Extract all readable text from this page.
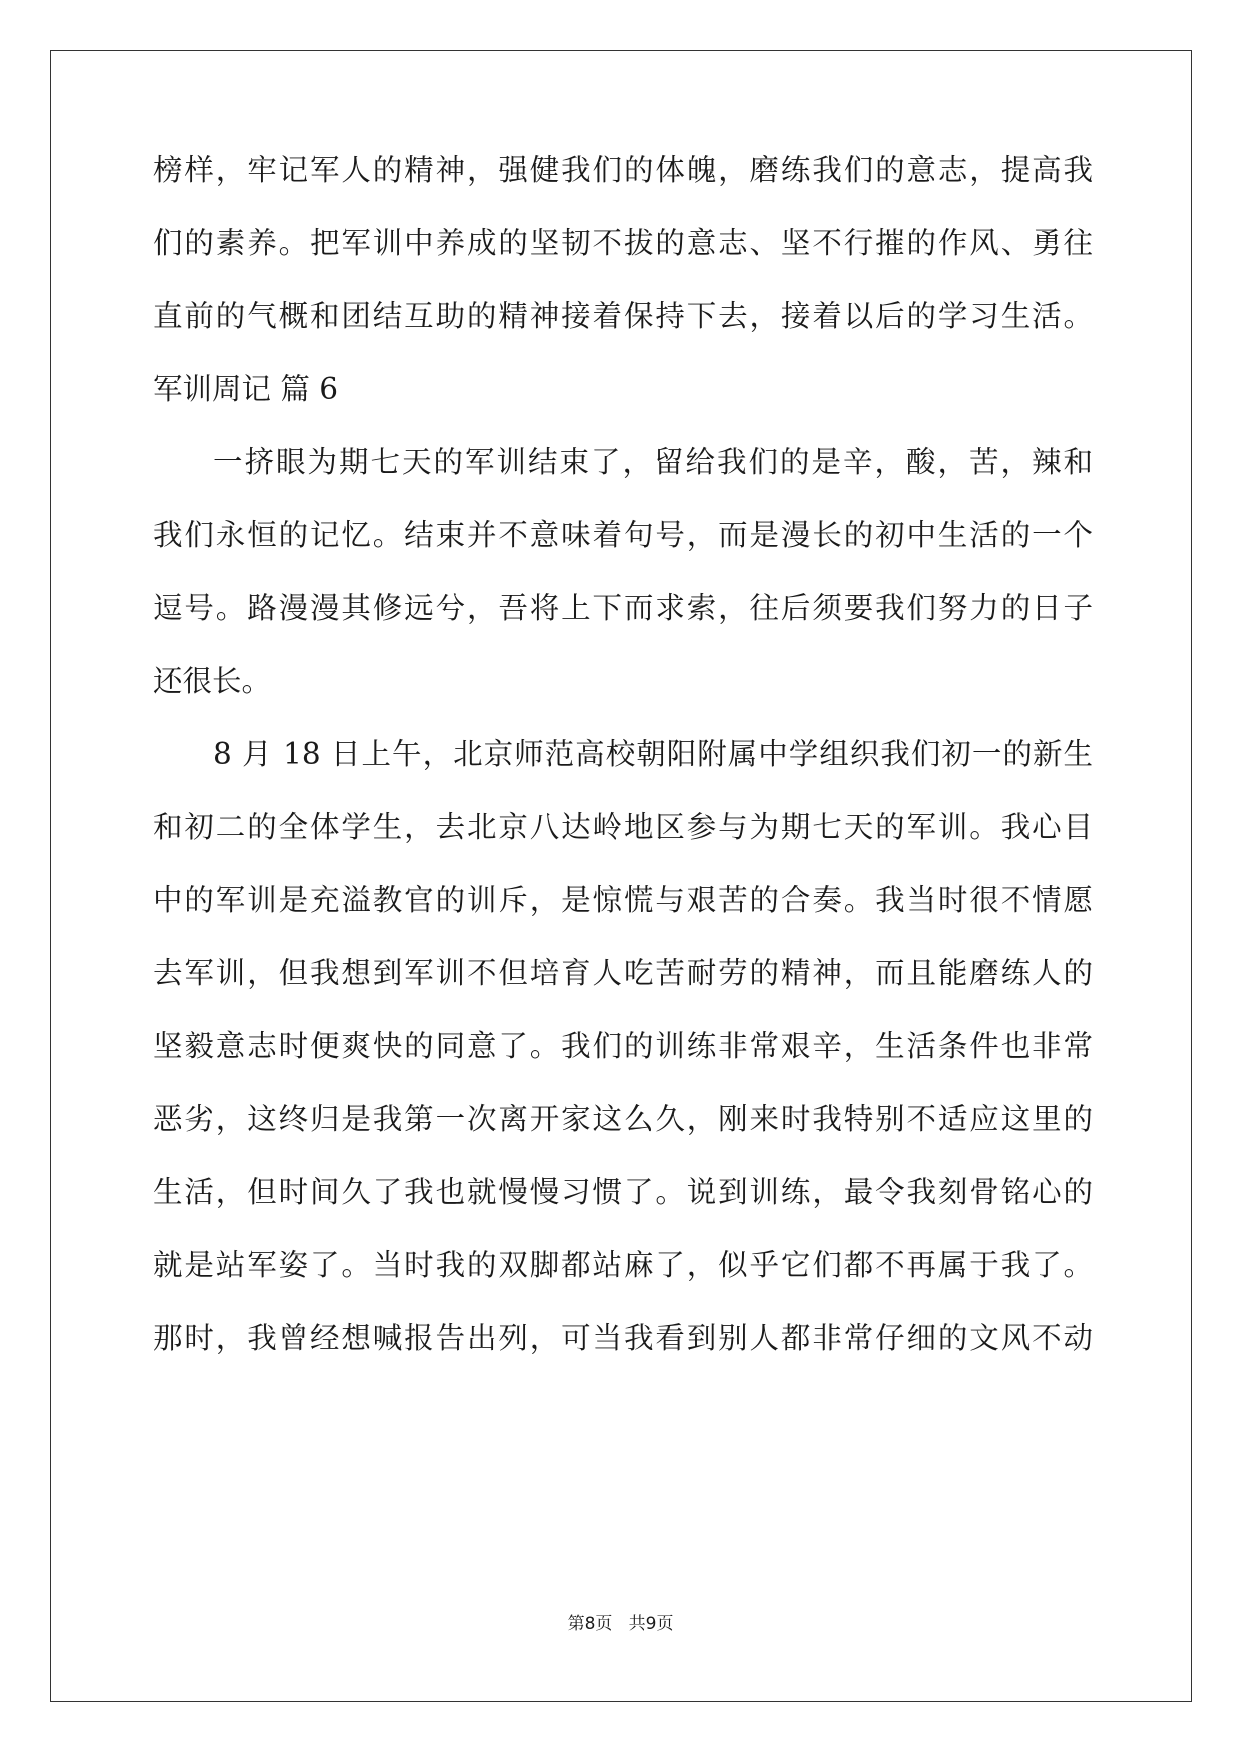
榜样，牢记军人的精神，强健我们的体魄，磨练我们的意志，提高我
们的素养。把军训中养成的坚韧不拔的意志、坚不行摧的作风、勇往
直前的气概和团结互助的精神接着保持下去，接着以后的学习生活。
军训周记 篇 6
一挤眼为期七天的军训结束了，留给我们的是辛，酸，苦，辣和
我们永恒的记忆。结束并不意味着句号，而是漫长的初中生活的一个
逗号。路漫漫其修远兮，吾将上下而求索，往后须要我们努力的日子
还很长。
8 月 18 日上午，北京师范高校朝阳附属中学组织我们初一的新生
和初二的全体学生，去北京八达岭地区参与为期七天的军训。我心目
中的军训是充溢教官的训斥，是惊慌与艰苦的合奏。我当时很不情愿
去军训，但我想到军训不但培育人吃苦耐劳的精神，而且能磨练人的
坚毅意志时便爽快的同意了。我们的训练非常艰辛，生活条件也非常
恶劣，这终归是我第一次离开家这么久，刚来时我特别不适应这里的
生活，但时间久了我也就慢慢习惯了。说到训练，最令我刻骨铭心的
就是站军姿了。当时我的双脚都站麻了，似乎它们都不再属于我了。
那时，我曾经想喊报告出列，可当我看到别人都非常仔细的文风不动
第8页   共9页
